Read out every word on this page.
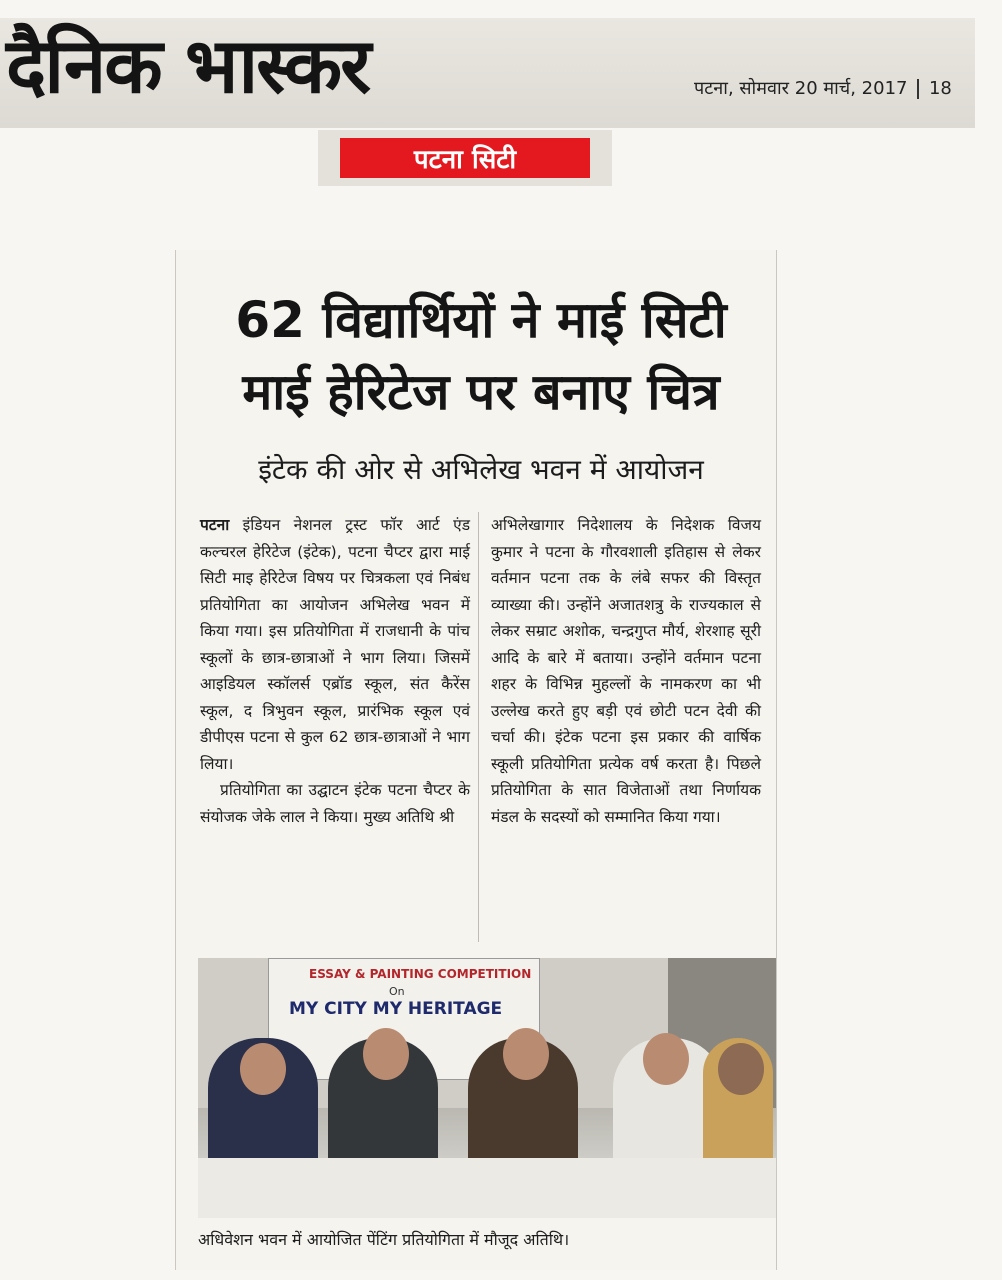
दैनिक भास्कर	पटना, सोमवार 20 मार्च, 2017 18
पटना सिटी
62 विद्यार्थियों ने माई सिटी माई हेरिटेज पर बनाए चित्र
इंटेक की ओर से अभिलेख भवन में आयोजन

पटना इंडियन नेशनल ट्रस्ट फॉर आर्ट एंड कल्चरल हेरिटेज (इंटेक), पटना चैप्टर द्वारा माई सिटी माइ हेरिटेज विषय पर चित्रकला एवं निबंध प्रतियोगिता का आयोजन अभिलेख भवन में किया गया। इस प्रतियोगिता में राजधानी के पांच स्कूलों के छात्र-छात्राओं ने भाग लिया। जिसमें आइडियल स्कॉलर्स एब्रॉड स्कूल, संत कैरेंस स्कूल, द त्रिभुवन स्कूल, प्रारंभिक स्कूल एवं डीपीएस पटना से कुल 62 छात्र-छात्राओं ने भाग लिया।

प्रतियोगिता का उद्घाटन इंटेक पटना चैप्टर के संयोजक जेके लाल ने किया। मुख्य अतिथि श्री

अभिलेखागार निदेशालय के निदेशक विजय कुमार ने पटना के गौरवशाली इतिहास से लेकर वर्तमान पटना तक के लंबे सफर की विस्तृत व्याख्या की। उन्होंने अजातशत्रु के राज्यकाल से लेकर सम्राट अशोक, चन्द्रगुप्त मौर्य, शेरशाह सूरी आदि के बारे में बताया। उन्होंने वर्तमान पटना शहर के विभिन्न मुहल्लों के नामकरण का भी उल्लेख करते हुए बड़ी एवं छोटी पटन देवी की चर्चा की। इंटेक पटना इस प्रकार की वार्षिक स्कूली प्रतियोगिता प्रत्येक वर्ष करता है। पिछले प्रतियोगिता के सात विजेताओं तथा निर्णायक मंडल के सदस्यों को सम्मानित किया गया।

ESSAY & PAINTING COMPETITION
On
MY CITY MY HERITAGE
अधिवेशन भवन में आयोजित पेंटिंग प्रतियोगिता में मौजूद अतिथि।
